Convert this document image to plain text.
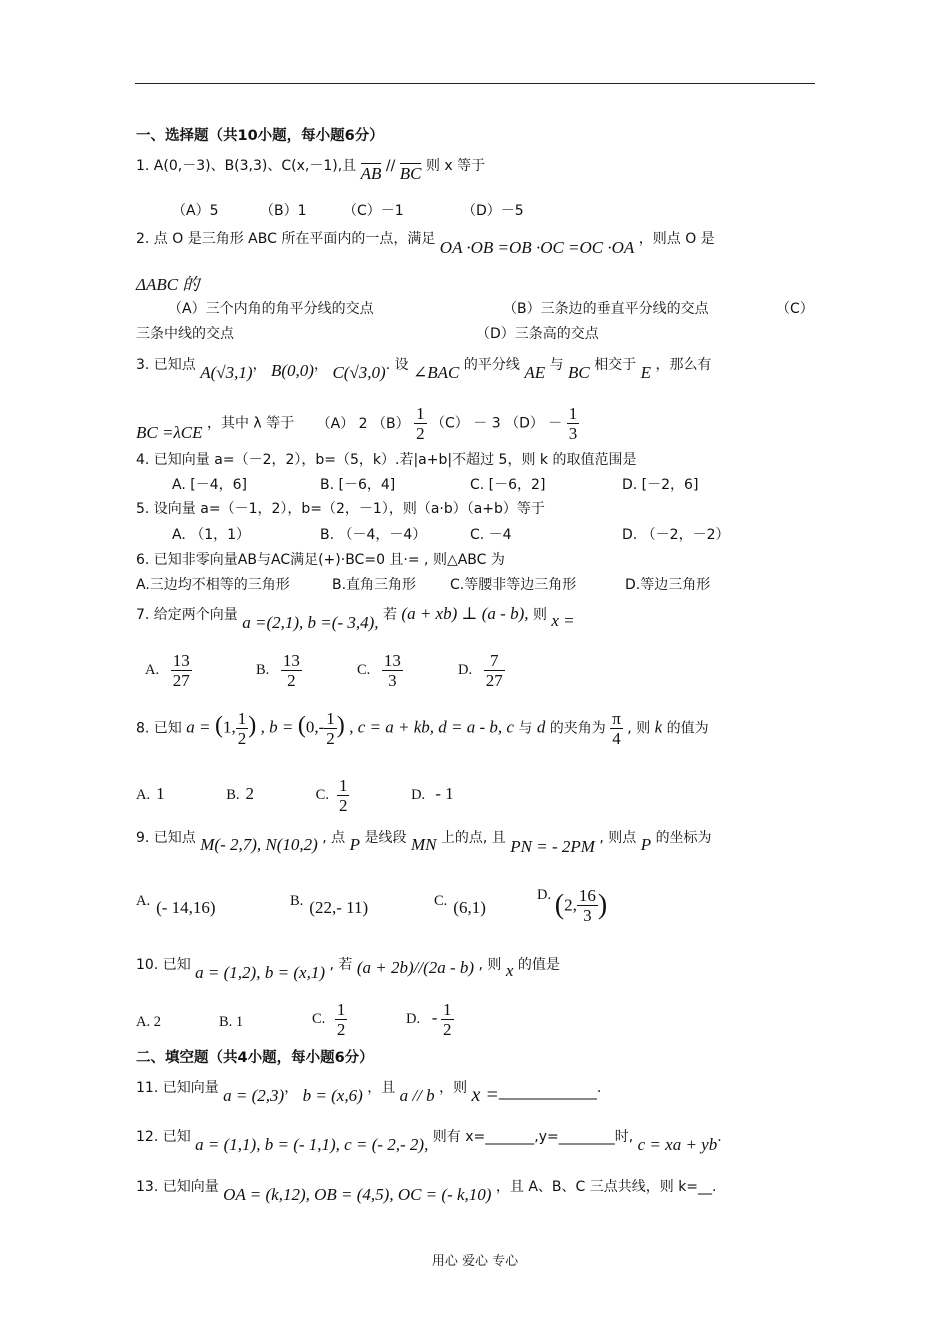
一、选择题（共10小题，每小题6分）
1. A(0,－3)、B(3,3)、C(x,－1),且 AB // BC 则 x 等于
（A）5	（B）1	（C）－1	（D）－5
2. 点 O 是三角形 ABC 所在平面内的一点，满足 OA ·OB =OB ·OC =OC ·OA ，则点 O 是
ΔABC 的
（A）三个内角的角平分线的交点	（B）三条边的垂直平分线的交点	（C）
三条中线的交点	（D）三条高的交点
3. 已知点 A(√3,1)， B(0,0)， C(√3,0). 设 ∠BAC 的平分线 AE 与 BC 相交于 E ，那么有
BC =λCE ，其中 λ 等于 （A） 2 $(B) \frac{1}{2} (C) - 3$ $(D) - \frac{1}{3}$
4. 已知向量 a=（－2，2），b=（5，k）.若|a+b|不超过 5，则 k 的取值范围是
A. [－4，6]	B. [－6，4]	C. [－6，2]	D. [－2，6]
5. 设向量 a=（－1，2），b=（2，－1），则（a·b）（a+b）等于
A. （1，1）	B. （－4，－4）	C. －4	D. （－2，－2）
6. 已知非零向量AB与AC满足(+)·BC=0 且·= , 则△ABC 为
A.三边均不相等的三角形	B.直角三角形 C.等腰非等边三角形	D.等边三角形
7. 给定两个向量 a =(2,1), b =(- 3,4), 若 (a + xb) ⊥ (a - b), 则 x =
A. $\frac{13}{27}$	B. $\frac{13}{2}$	C. $\frac{13}{3}$	D. $\frac{7}{27}$
8. 已知 a = (1, $\frac{1}{2}$ ) , $b = (0,- \frac{1}{2}$ ) , c = a + kb, d = a - b, c 与 d 的夹角为 $\frac{\pi}{4}$ , 则 k 的值为
A. 1	B. 2	C. $\frac{1}{2}$	D. - 1
9. 已知点 M(- 2,7), N(10,2) , 点 P 是线段 MN 上的点, 且 PN = - 2PM , 则点 P 的坐标为
A. (- 14,16)	B. (22,- 11)	C. (6,1)
D. (2, $\frac{16}{3}$ )
10. 已知 a = (1,2), b = (x,1) , 若 (a + 2b)//(2a - b) , 则 x 的值是
A. 2	B. 1	C. $\frac{1}{2}$	D. - $\frac{1}{2}$
二、填空题（共4小题，每小题6分）
11. 已知向量 a = (2,3)， b = (x,6) ，且 a // b ，则 x =______________.
12. 已知 a = (1,1), b = (- 1,1), c = (- 2,- 2), 则有 x=_______,y=________时, c = xa + yb.
13. 已知向量 OA = (k,12), OB = (4,5), OC = (- k,10) ，且 A、B、C 三点共线，则 k=__.
用心 爱心 专心
